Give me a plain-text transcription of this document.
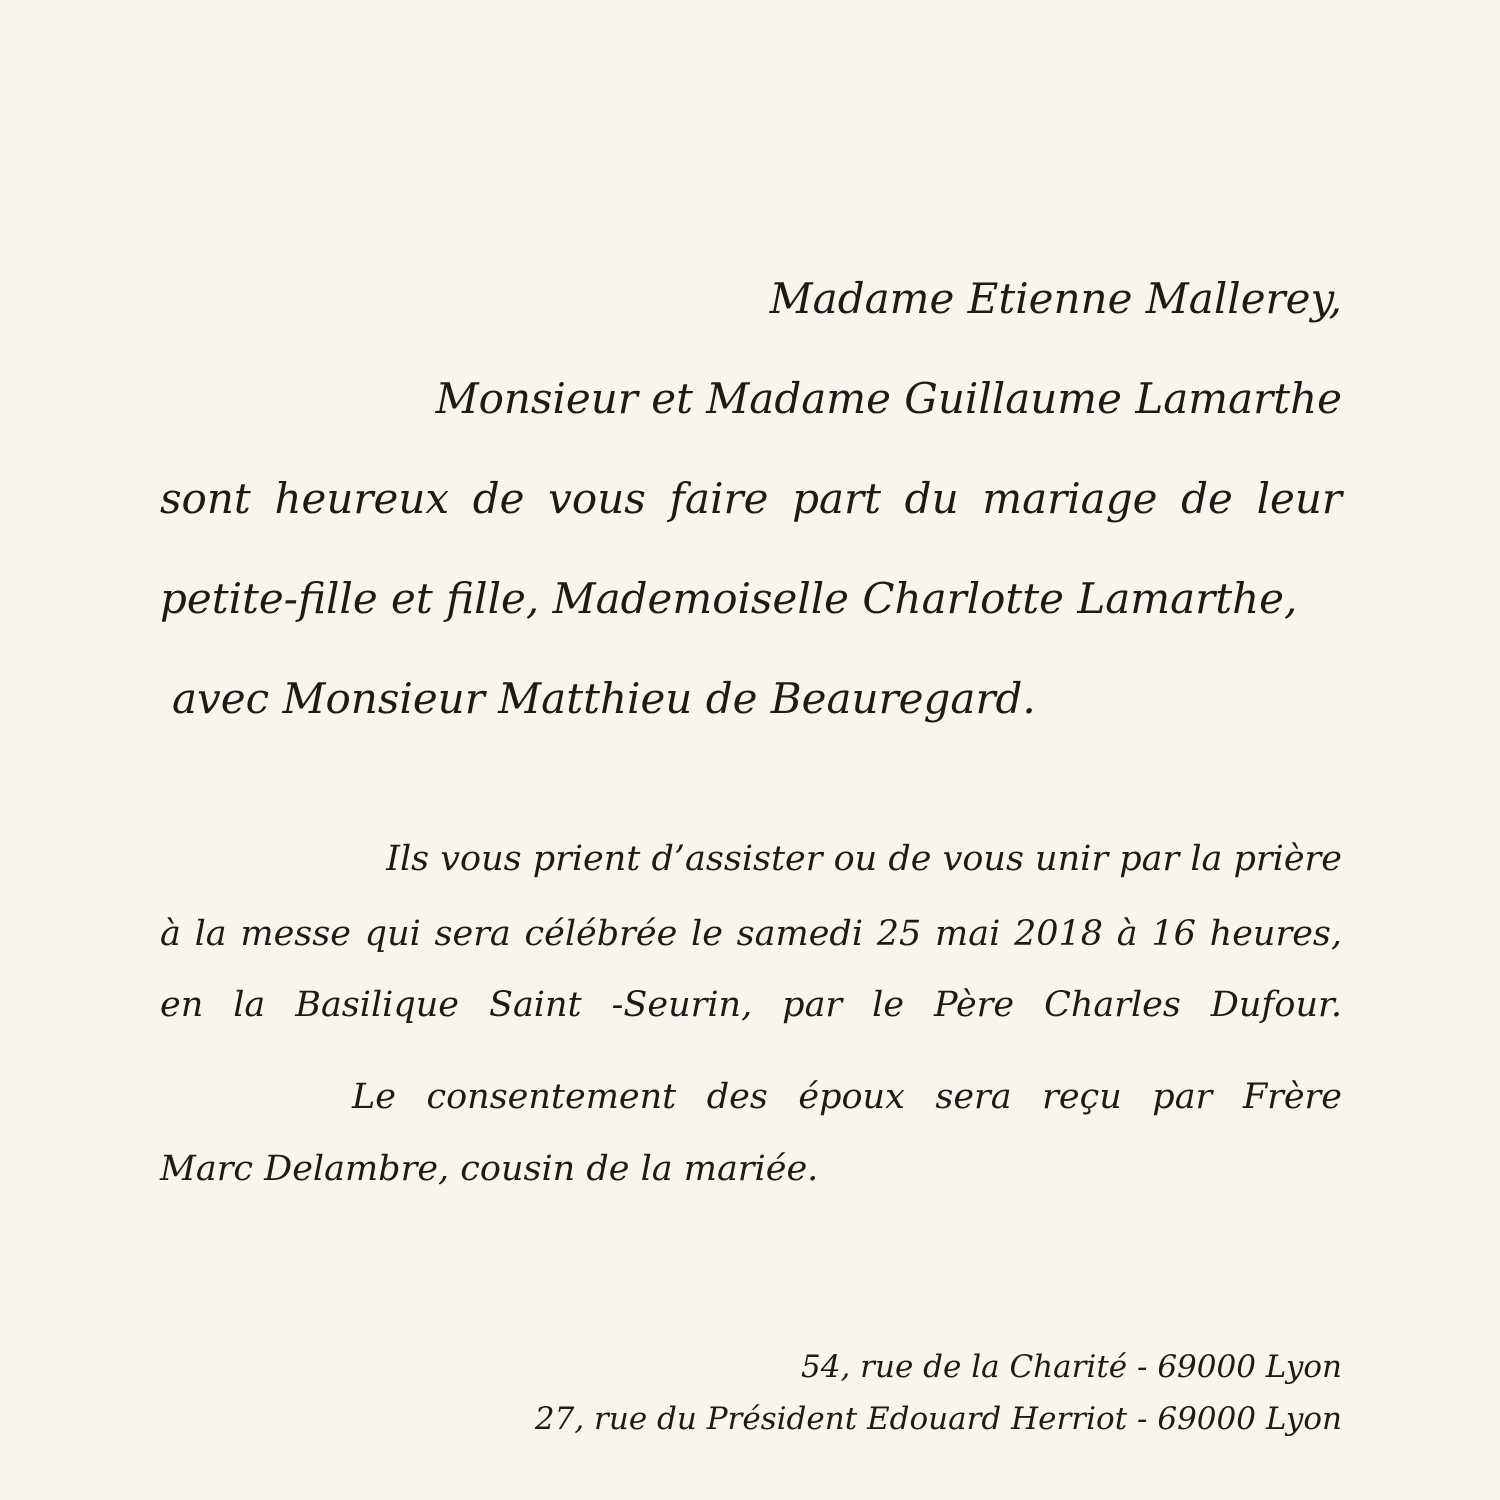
Madame Etienne Mallerey,
Monsieur et Madame Guillaume Lamarthe
sont heureux de vous faire part du mariage de leur
petite-fille et fille, Mademoiselle Charlotte Lamarthe,
avec Monsieur Matthieu de Beauregard.
Ils vous prient d’assister ou de vous unir par la prière
à la messe qui sera célébrée le samedi 25 mai 2018 à 16 heures,
en la Basilique Saint -Seurin, par le Père Charles Dufour.
Le consentement des époux sera reçu par Frère
Marc Delambre, cousin de la mariée.
54, rue de la Charité - 69000 Lyon
27, rue du Président Edouard Herriot - 69000 Lyon
